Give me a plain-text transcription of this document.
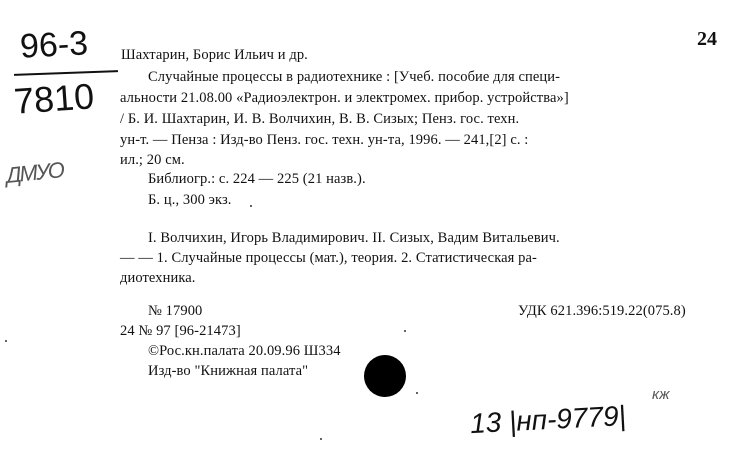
96-3
7810
ДМУО
24
Шахтарин, Борис Ильич и др.
Случайные процессы в радиотехнике : [Учеб. пособие для специ-
альности 21.08.00 «Радиоэлектрон. и электромех. прибор. устройства»]
/ Б. И. Шахтарин, И. В. Волчихин, В. В. Сизых; Пенз. гос. техн.
ун-т. — Пенза : Изд-во Пенз. гос. техн. ун-та, 1996. — 241,[2] с. :
ил.; 20 см.
Библиогр.: с. 224 — 225 (21 назв.).
Б. ц., 300 экз.
I. Волчихин, Игорь Владимирович. II. Сизых, Вадим Витальевич.
— — 1. Случайные процессы (мат.), теория. 2. Статистическая ра-
диотехника.
№ 17900	УДК 621.396:519.22(075.8)
24 № 97 [96-21473]
©Рос.кн.палата 20.09.96 Ш334
Изд-во "Книжная палата"
13 |нп-9779|
кж
